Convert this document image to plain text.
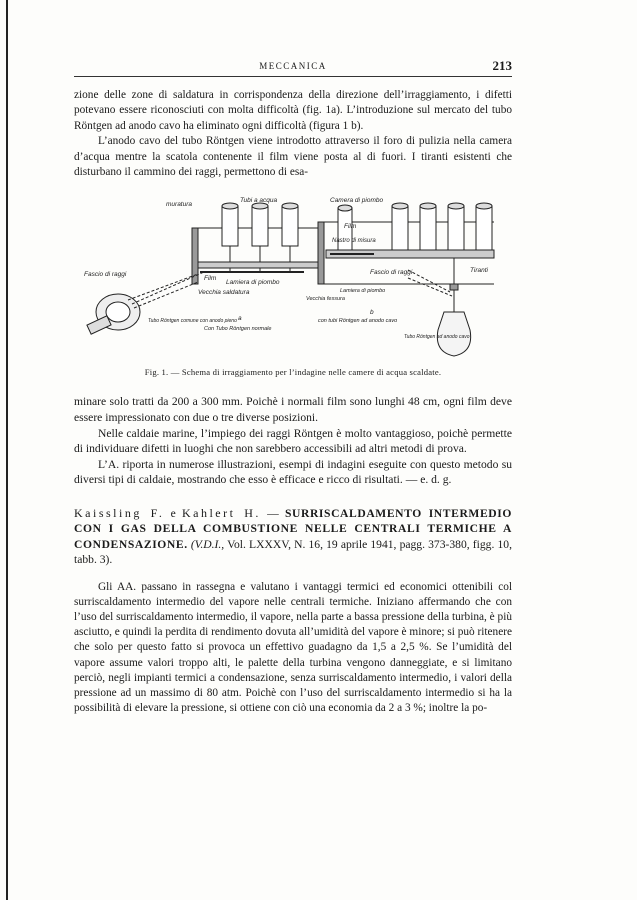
MECCANICA	213

zione delle zone di saldatura in corrispondenza della direzione dell’irraggiamento, i difetti potevano essere riconosciuti con molta difficoltà (fig. 1a). L’introduzione sul mercato del tubo Röntgen ad anodo cavo ha eliminato ogni difficoltà (figura 1 b).

L’anodo cavo del tubo Röntgen viene introdotto attraverso il foro di pulizia nella camera d’acqua mentre la scatola contenente il film viene posta al di fuori. I tiranti esistenti che disturbano il cammino dei raggi, permettono di esa-

muratura
Tubi a acqua
Fascio di raggi
Film
Lamiera di piombo
Vecchia saldatura
Tubo Röntgen comune con anodo pieno a
Con Tubo Röntgen normale
Camera di piombo
Film
Nastro di misura
Vecchia fessura
Lamiera di piombo
Fascio di raggi	Tiranti
b
con tubi Röntgen ad anodo cavo
Tubo Röntgen ad anodo cavo
Fig. 1. — Schema di irraggiamento per l’indagine nelle camere di acqua scaldate.

minare solo tratti da 200 a 300 mm. Poichè i normali film sono lunghi 48 cm, ogni film deve essere impressionato con due o tre diverse posizioni.

Nelle caldaie marine, l’impiego dei raggi Röntgen è molto vantaggioso, poichè permette di individuare difetti in luoghi che non sarebbero accessibili ad altri metodi di prova.

L’A. riporta in numerose illustrazioni, esempi di indagini eseguite con questo metodo su diversi tipi di caldaie, mostrando che esso è efficace e ricco di risultati. — e. d. g.

Kaissling F. e Kahlert H. — SURRISCALDAMENTO INTERMEDIO CON I GAS DELLA COMBUSTIONE NELLE CENTRALI TERMICHE A CONDENSAZIONE. (V.D.I., Vol. LXXXV, N. 16, 19 aprile 1941, pagg. 373-380, figg. 10, tabb. 3).

Gli AA. passano in rassegna e valutano i vantaggi termici ed economici ottenibili col surriscaldamento intermedio del vapore nelle centrali termiche. Iniziano affermando che con l’uso del surriscaldamento intermedio, il vapore, nella parte a bassa pressione della turbina, è più asciutto, e quindi la perdita di rendimento dovuta all’umidità del vapore è minore; si può ritenere che solo per questo fatto si provoca un effettivo guadagno da 1,5 a 2,5 %. Se l’umidità del vapore assume valori troppo alti, le palette della turbina vengono danneggiate, e si limitano perciò, negli impianti termici a condensazione, senza surriscaldamento intermedio, i valori della pressione ad un massimo di 80 atm. Poichè con l’uso del surriscaldamento intermedio si ha la possibilità di elevare la pressione, si ottiene con ciò una economia da 2 a 3 %; inoltre la po-
